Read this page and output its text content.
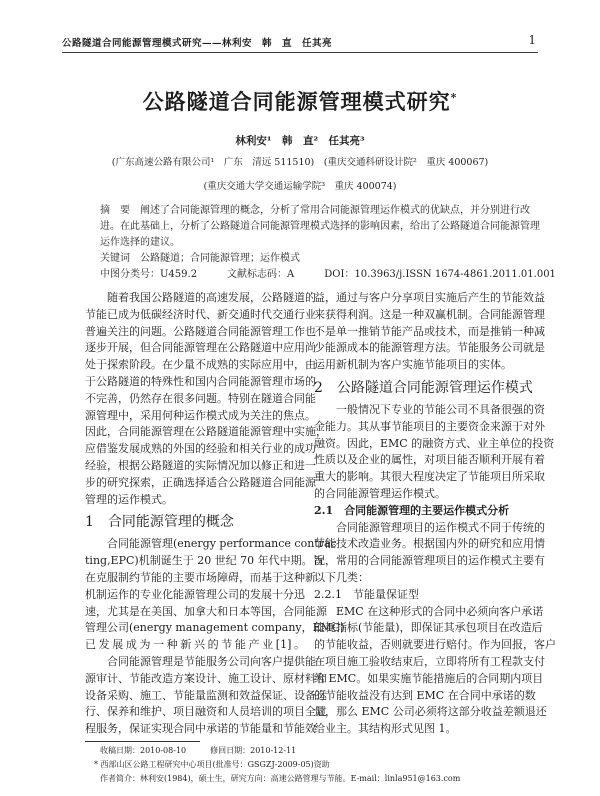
公路隧道合同能源管理模式研究——林利安　韩　直　任其亮	1
公路隧道合同能源管理模式研究*
林利安¹　韩　直²　任其亮³
(广东高速公路有限公司¹　广东　清远 511510)　(重庆交通科研设计院²　重庆 400067)
(重庆交通大学交通运输学院³　重庆 400074)
摘　要　阐述了合同能源管理的概念，分析了常用合同能源管理运作模式的优缺点，并分别进行改
进。在此基础上，分析了公路隧道合同能源管理模式选择的影响因素，给出了公路隧道合同能源管理
运作选择的建议。
关键词　公路隧道；合同能源管理；运作模式
中图分类号：U459.2　　　文献标志码：A　　　DOI：10.3963/j.ISSN 1674-4861.2011.01.001
　　随着我国公路隧道的高速发展，公路隧道的
节能已成为低碳经济时代、新交通时代交通行业
普遍关注的问题。公路隧道合同能源管理工作也
逐步开展，但合同能源管理在公路隧道中应用尚
处于探索阶段。在少量不成熟的实际应用中，由
于公路隧道的特殊性和国内合同能源管理市场的
不完善，仍然存在很多问题。特别在隧道合同能
源管理中，采用何种运作模式成为关注的焦点。
因此，合同能源管理在公路隧道能源管理中实施，
应借鉴发展成熟的外国的经验和相关行业的成功
经验，根据公路隧道的实际情况加以修正和进一
步的研究探索，正确选择适合公路隧道合同能源
管理的运作模式。
1　合同能源管理的概念
　　合同能源管理(energy performance contrac
ting,EPC)机制诞生于 20 世纪 70 年代中期。旨
在克服制约节能的主要市场障碍，而基于这种新
机制运作的专业化能源管理公司的发展十分迅
速，尤其是在美国、加拿大和日本等国，合同能源
管理公司(energy management company，EMC)
已发展成为一种新兴的节能产业[1]。
　　合同能源管理是节能服务公司向客户提供能
源审计、节能改造方案设计、施工设计、原材料和
设备采购、施工、节能量监测和效益保证、设备运
行、保养和维护、项目融资和人员培训的项目全过
程服务，保证实现合同中承诺的节能量和节能效
益，通过与客户分享项目实施后产生的节能效益
来获得利润。这是一种双赢机制。合同能源管理
不是单一推销节能产品或技术，而是推销一种减
少能源成本的能源管理方法。节能服务公司就是
运用新机制为客户实施节能项目的实体。
2　公路隧道合同能源管理运作模式
　　一般情况下专业的节能公司不具备很强的资
金能力。其从事节能项目的主要资金来源于对外
融资。因此，EMC 的融资方式、业主单位的投资
性质以及企业的属性，对项目能否顺利开展有着
重大的影响。其很大程度决定了节能项目所采取
的合同能源管理运作模式。
2.1　合同能源管理的主要运作模式分析
　　合同能源管理项目的运作模式不同于传统的
节能技术改造业务。根据国内外的研究和应用情
况，常用的合同能源管理项目的运作模式主要有
以下几类：
2.2.1　节能量保证型
　　EMC 在这种形式的合同中必须向客户承诺
能耗指标(节能量)，即保证其承包项目在改造后
的节能收益，否则就要进行赔付。作为回报，客户
在项目施工验收结束后，立即将所有工程款支付
给 EMC。如果实施节能措施后的合同期内项目
的节能收益没有达到 EMC 在合同中承诺的数
量，那么 EMC 公司必须将这部分收益差额退还
给业主。其结构形式见图 1。
收稿日期：2010-08-10　　　修回日期：2010-12-11
* 西部山区公路工程研究中心项目(批准号：GSGZJ-2009-05)资助
作者简介：林利安(1984)，硕士生，研究方向：高速公路管理与节能。E-mail：linla951@163.com
